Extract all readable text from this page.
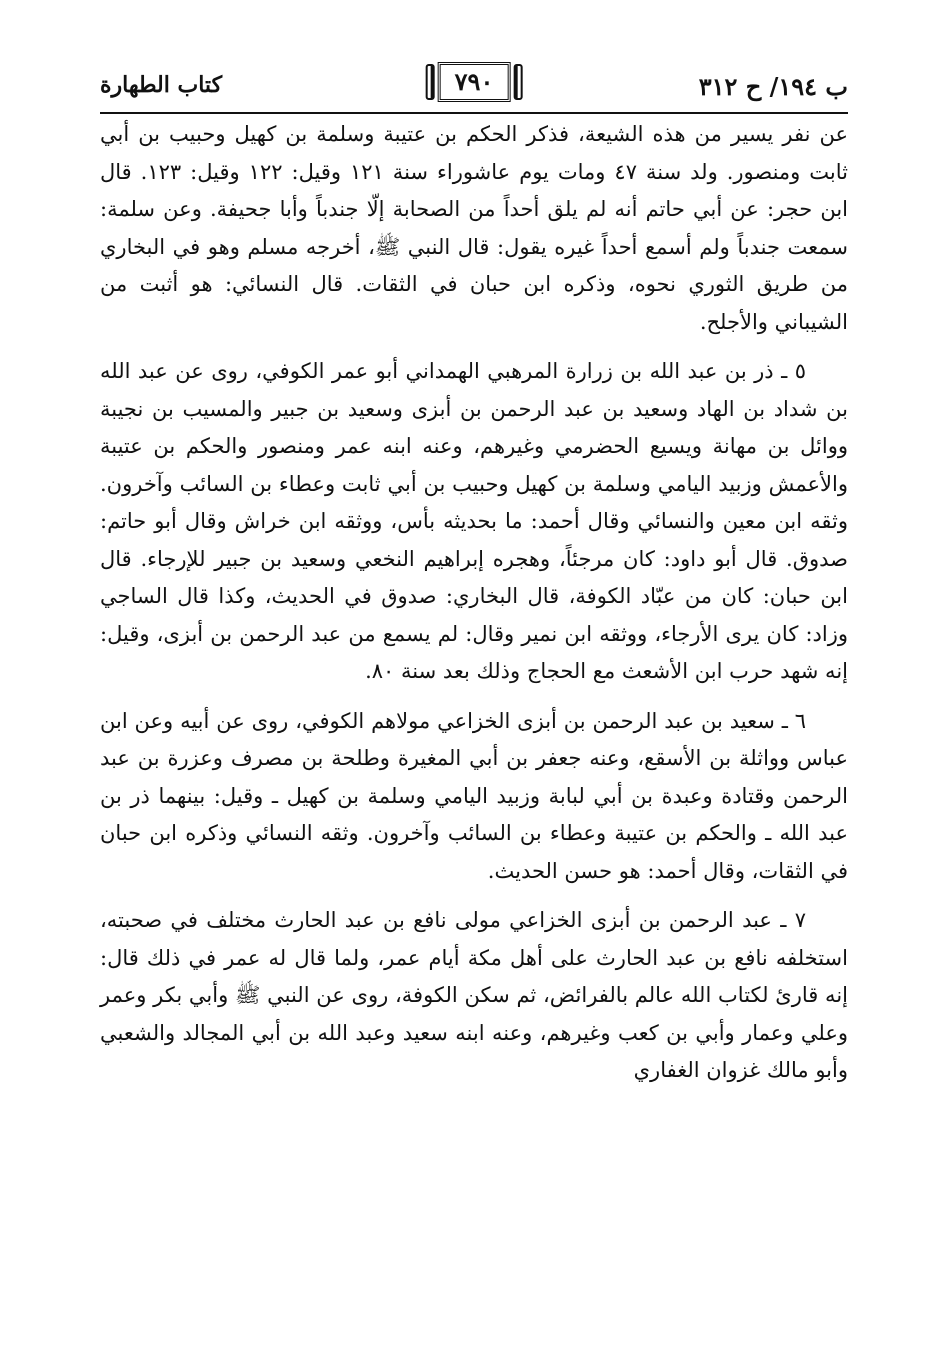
ب ١٩٤/ ح ٣١٢
٧٩٠
كتاب الطهارة

عن نفر يسير من هذه الشيعة، فذكر الحكم بن عتيبة وسلمة بن كهيل وحبيب بن أبي ثابت ومنصور. ولد سنة ٤٧ ومات يوم عاشوراء سنة ١٢١ وقيل: ١٢٢ وقيل: ١٢٣. قال ابن حجر: عن أبي حاتم أنه لم يلق أحداً من الصحابة إلّا جندباً وأبا جحيفة. وعن سلمة: سمعت جندباً ولم أسمع أحداً غيره يقول: قال النبي ﷺ، أخرجه مسلم وهو في البخاري من طريق الثوري نحوه، وذكره ابن حبان في الثقات. قال النسائي: هو أثبت من الشيباني والأجلح.

٥ ـ ذر بن عبد الله بن زرارة المرهبي الهمداني أبو عمر الكوفي، روى عن عبد الله بن شداد بن الهاد وسعيد بن عبد الرحمن بن أبزى وسعيد بن جبير والمسيب بن نجيبة ووائل بن مهانة ويسيع الحضرمي وغيرهم، وعنه ابنه عمر ومنصور والحكم بن عتيبة والأعمش وزبيد اليامي وسلمة بن كهيل وحبيب بن أبي ثابت وعطاء بن السائب وآخرون. وثقه ابن معين والنسائي وقال أحمد: ما بحديثه بأس، ووثقه ابن خراش وقال أبو حاتم: صدوق. قال أبو داود: كان مرجئاً، وهجره إبراهيم النخعي وسعيد بن جبير للإرجاء. قال ابن حبان: كان من عبّاد الكوفة، قال البخاري: صدوق في الحديث، وكذا قال الساجي وزاد: كان يرى الأرجاء، ووثقه ابن نمير وقال: لم يسمع من عبد الرحمن بن أبزى، وقيل: إنه شهد حرب ابن الأشعث مع الحجاج وذلك بعد سنة ٨٠.

٦ ـ سعيد بن عبد الرحمن بن أبزى الخزاعي مولاهم الكوفي، روى عن أبيه وعن ابن عباس وواثلة بن الأسقع، وعنه جعفر بن أبي المغيرة وطلحة بن مصرف وعزرة بن عبد الرحمن وقتادة وعبدة بن أبي لبابة وزبيد اليامي وسلمة بن كهيل ـ وقيل: بينهما ذر بن عبد الله ـ والحكم بن عتيبة وعطاء بن السائب وآخرون. وثقه النسائي وذكره ابن حبان في الثقات، وقال أحمد: هو حسن الحديث.

٧ ـ عبد الرحمن بن أبزى الخزاعي مولى نافع بن عبد الحارث مختلف في صحبته، استخلفه نافع بن عبد الحارث على أهل مكة أيام عمر، ولما قال له عمر في ذلك قال: إنه قارئ لكتاب الله عالم بالفرائض، ثم سكن الكوفة، روى عن النبي ﷺ وأبي بكر وعمر وعلي وعمار وأبي بن كعب وغيرهم، وعنه ابنه سعيد وعبد الله بن أبي المجالد والشعبي وأبو مالك غزوان الغفاري
